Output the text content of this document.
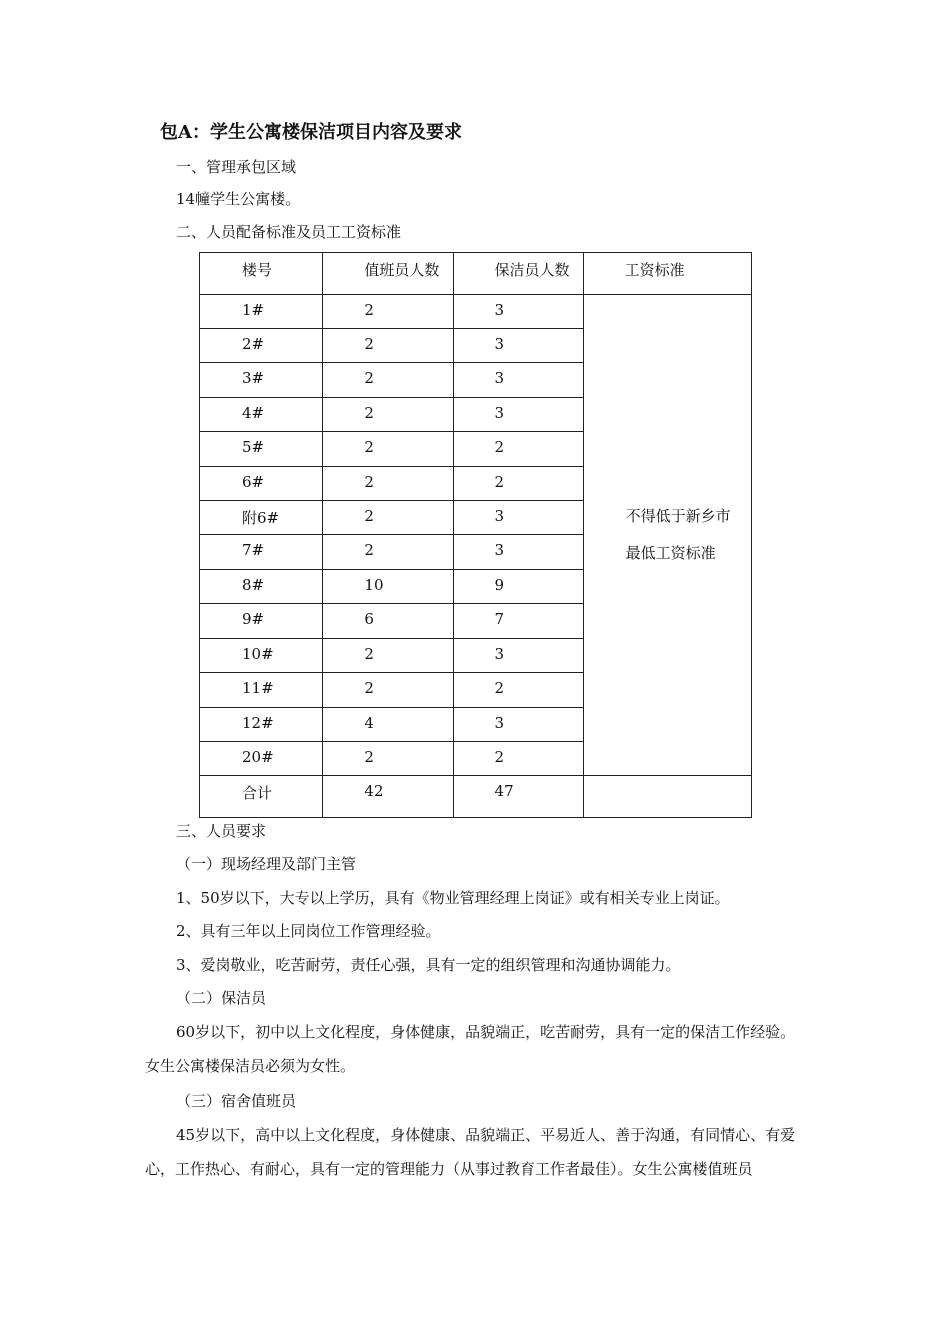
包A：学生公寓楼保洁项目内容及要求
一、管理承包区域
14幢学生公寓楼。
二、人员配备标准及员工工资标准
楼号	值班员人数	保洁员人数	工资标准
1#	2	3	不得低于新乡市最低工资标准

2#	2	3	
3#	2	3	
4#	2	3	
5#	2	2	
6#	2	2	
附6#	2	3	
7#	2	3	
8#	10	9	
9#	6	7	
10#	2	3	
11#	2	2	
12#	4	3	
20#	2	2	
合计	42	47	
三、人员要求
（一）现场经理及部门主管
1、50岁以下，大专以上学历，具有《物业管理经理上岗证》或有相关专业上岗证。
2、具有三年以上同岗位工作管理经验。
3、爱岗敬业，吃苦耐劳，责任心强，具有一定的组织管理和沟通协调能力。
（二）保洁员
60岁以下，初中以上文化程度，身体健康，品貌端正，吃苦耐劳，具有一定的保洁工作经验。女生公寓楼保洁员必须为女性。
（三）宿舍值班员
45岁以下，高中以上文化程度，身体健康、品貌端正、平易近人、善于沟通，有同情心、有爱心，工作热心、有耐心，具有一定的管理能力（从事过教育工作者最佳）。女生公寓楼值班员
